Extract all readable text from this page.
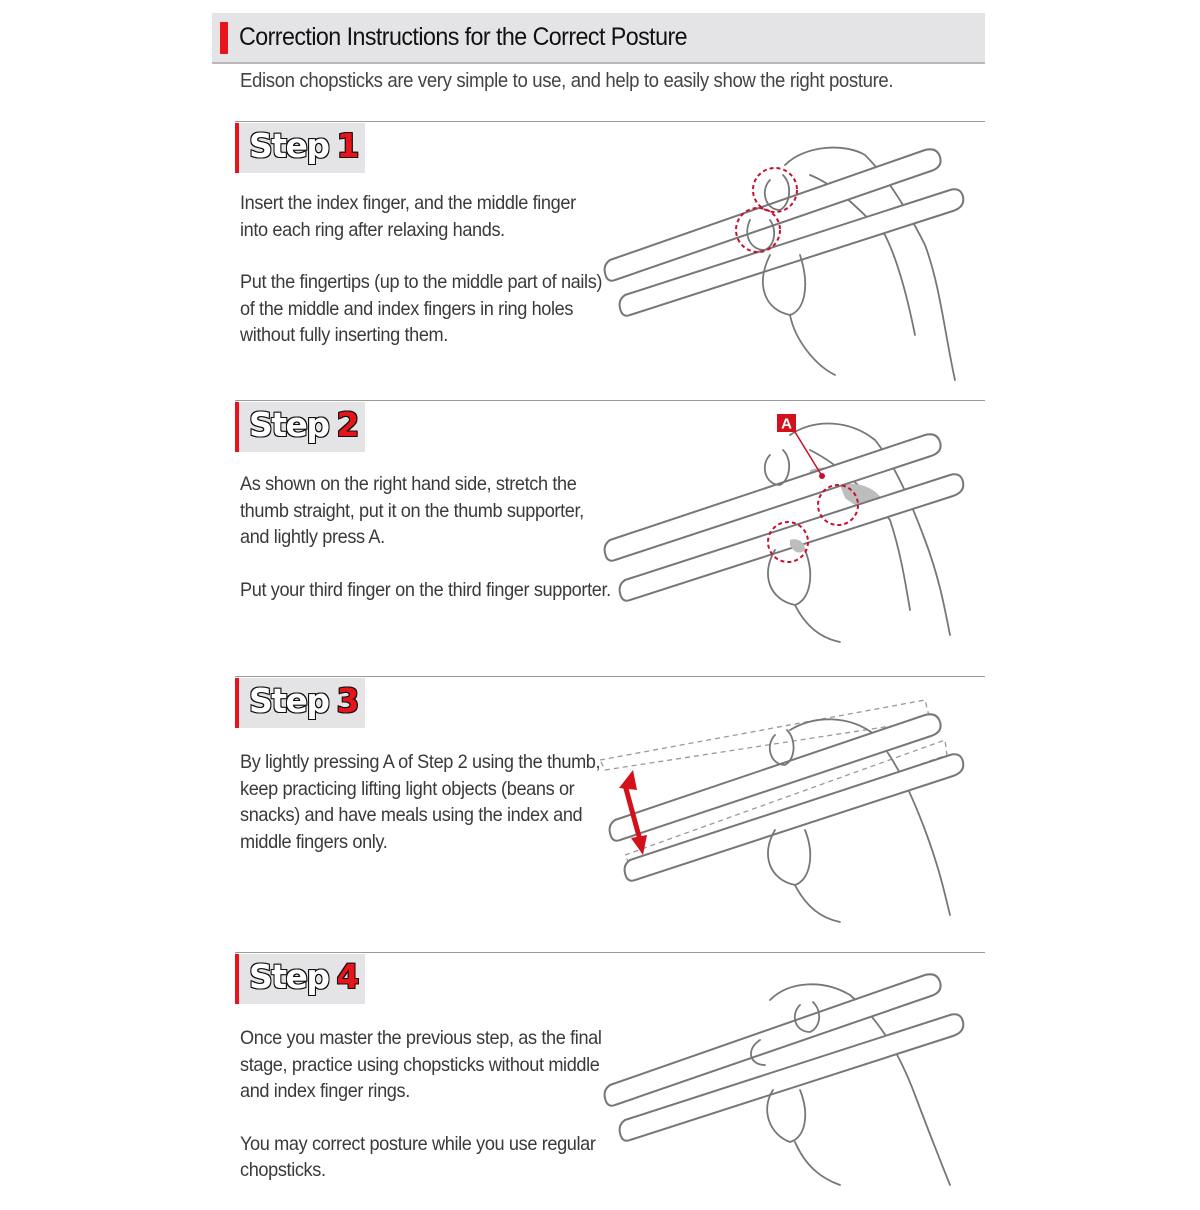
Correction Instructions for the Correct Posture
Edison chopsticks are very simple to use, and help to easily show the right posture.
Step 1

Insert the index finger, and the middle finger into each ring after relaxing hands.

Put the fingertips (up to the middle part of nails) of the middle and index fingers in ring holes without fully inserting them.

Step 2

As shown on the right hand side, stretch the thumb straight, put it on the thumb supporter, and lightly press A.

Put your third finger on the third finger supporter.

A
Step 3

By lightly pressing A of Step 2 using the thumb, keep practicing lifting light objects (beans or snacks) and have meals using the index and middle fingers only.

Step 4

Once you master the previous step, as the final stage, practice using chopsticks without middle and index finger rings.

You may correct posture while you use regular chopsticks.
